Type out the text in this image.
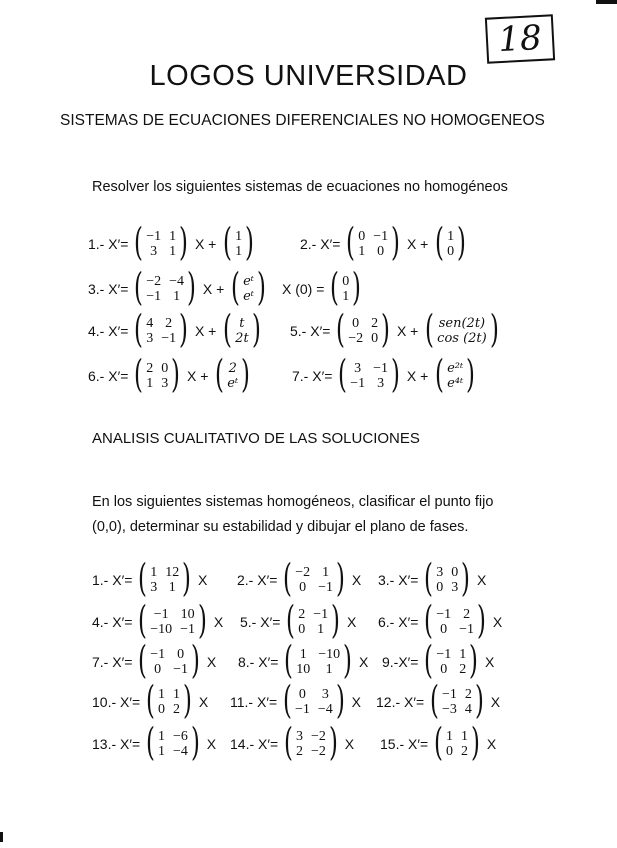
18
LOGOS UNIVERSIDAD
SISTEMAS DE ECUACIONES DIFERENCIALES NO HOMOGENEOS
Resolver los siguientes sistemas de ecuaciones no homogéneos
1.- X′= ( −1 1
3 1 ) X + ( 1
1 )	2.- X′= ( 0 −1
1 0 ) X + ( 1
0 )
3.- X′= ( −2 −4
−1 1 ) X + ( eᵗ
eᵗ ) X (0) = ( 0
1 )
4.- X′= ( 4 2
3 −1 ) X + ( t
2t ) 5.- X′= ( 0 2
−2 0 ) X + ( sen(2t)
cos (2t) )
6.- X′= ( 2 0
1 3 ) X + ( 2
eᵗ )	7.- X′= ( 3 −1
−1 3 ) X + ( e²ᵗ
e⁴ᵗ )
ANALISIS CUALITATIVO DE LAS SOLUCIONES
En los siguientes sistemas homogéneos, clasificar el punto fijo
(0,0), determinar su estabilidad y dibujar el plano de fases.
1.- X′= ( 1 12
3 1 ) X 2.- X′= ( −2 1
0 −1 ) X 3.- X′= ( 3 0
0 3 ) X
4.- X′= ( −1 10
−10 −1 ) X 5.- X′= ( 2 −1
0 1 ) X 6.- X′= ( −1 2
0 −1 ) X
7.- X′= ( −1 0
0 −1 ) X 8.- X′= ( 1 −10
10	1 ) X 9.-X′= ( −1 1
0 2 ) X
10.- X′= ( 1 1
0 2 ) X 11.- X′= ( 0 3
−1 −4 ) X 12.- X′= ( −1 2
−3 4 ) X
13.- X′= ( 1 −6
1 −4 ) X 14.- X′= ( 3 −2
2 −2 ) X 15.- X′= ( 1 1
0 2 ) X
